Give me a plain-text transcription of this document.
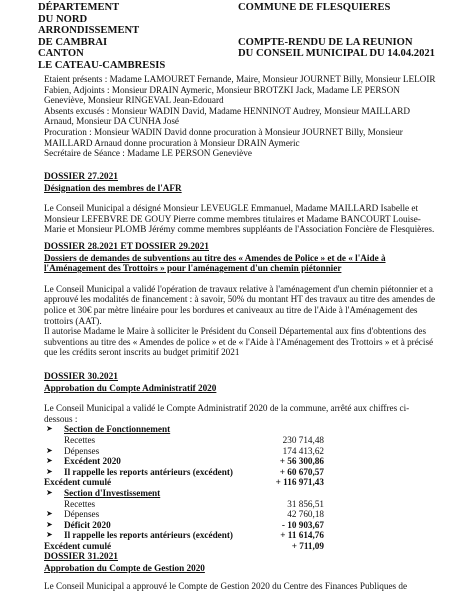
DÉPARTEMENT
DU NORD
ARRONDISSEMENT
DE CAMBRAI
CANTON
LE CATEAU-CAMBRESIS
COMMUNE DE FLESQUIERES
COMPTE-RENDU DE LA REUNION
DU CONSEIL MUNICIPAL DU 14.04.2021
Etaient présents : Madame LAMOURET Fernande, Maire, Monsieur JOURNET Billy, Monsieur LELOIR
Fabien, Adjoints : Monsieur DRAIN Aymeric, Monsieur BROTZKI Jack, Madame LE PERSON
Geneviève, Monsieur RINGEVAL Jean-Edouard
Absents excusés : Monsieur WADIN David, Madame HENNINOT Audrey, Monsieur MAILLARD
Arnaud, Monsieur DA CUNHA José
Procuration : Monsieur WADIN David donne procuration à Monsieur JOURNET Billy, Monsieur
MAILLARD Arnaud donne procuration à Monsieur DRAIN Aymeric
Secrétaire de Séance : Madame LE PERSON Geneviève
DOSSIER 27.2021
Désignation des membres de l'AFR
Le Conseil Municipal a désigné Monsieur LEVEUGLE Emmanuel, Madame MAILLARD Isabelle et
Monsieur LEFEBVRE DE GOUY Pierre comme membres titulaires et Madame BANCOURT Louise-
Marie et Monsieur PLOMB Jérémy comme membres suppléants de l'Association Foncière de Flesquières.
DOSSIER 28.2021 ET DOSSIER 29.2021
Dossiers de demandes de subventions au titre des « Amendes de Police » et de « l'Aide à
l'Aménagement des Trottoirs » pour l'aménagement d'un chemin piétonnier
Le Conseil Municipal a validé l'opération de travaux relative à l'aménagement d'un chemin piétonnier et a
approuvé les modalités de financement : à savoir, 50% du montant HT des travaux au titre des amendes de
police et 30€ par mètre linéaire pour les bordures et caniveaux au titre de l'Aide à l'Aménagement des
trottoirs (AAT).
Il autorise Madame le Maire à solliciter le Président du Conseil Départemental aux fins d'obtentions des
subventions au titre des « Amendes de police » et de « l'Aide à l'Aménagement des Trottoirs » et à précisé
que les crédits seront inscrits au budget primitif 2021
DOSSIER 30.2021
Approbation du Compte Administratif 2020
Le Conseil Municipal a validé le Compte Administratif 2020 de la commune, arrêté aux chiffres ci-
dessous :
➤ Section de Fonctionnement
Recettes	230 714,48
➤ Dépenses	174 413,62
➤ Excédent 2020	+ 56 300,86
➤ Il rappelle les reports antérieurs (excédent)	+ 60 670,57
Excédent cumulé	+ 116 971,43
➤ Section d'Investissement
Recettes	31 856,51
➤ Dépenses	42 760,18
➤ Déficit 2020	- 10 903,67
➤ Il rappelle les reports antérieurs (excédent)	+ 11 614,76
Excédent cumulé	+ 711,09
DOSSIER 31.2021
Approbation du Compte de Gestion 2020
Le Conseil Municipal a approuvé le Compte de Gestion 2020 du Centre des Finances Publiques de
